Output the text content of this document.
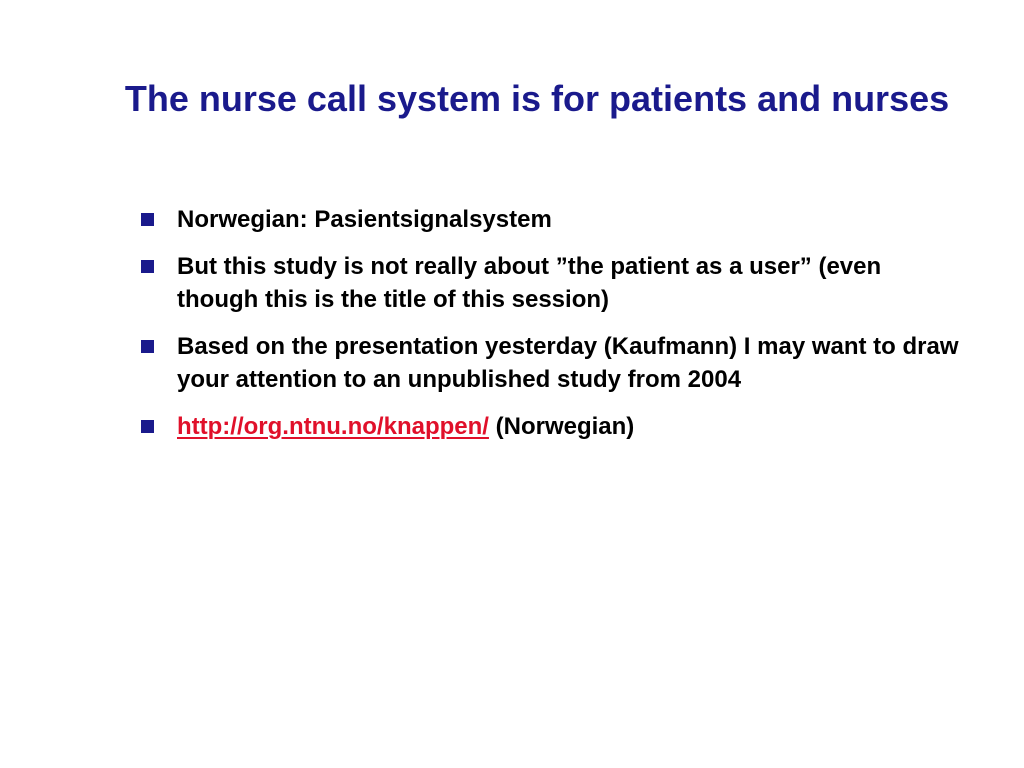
The nurse call system is for patients and nurses
Norwegian: Pasientsignalsystem
But this study is not really about ”the patient as a user” (even though this is the title of this session)
Based on the presentation yesterday (Kaufmann) I may want to draw your attention to an unpublished study from 2004
http://org.ntnu.no/knappen/ (Norwegian)
